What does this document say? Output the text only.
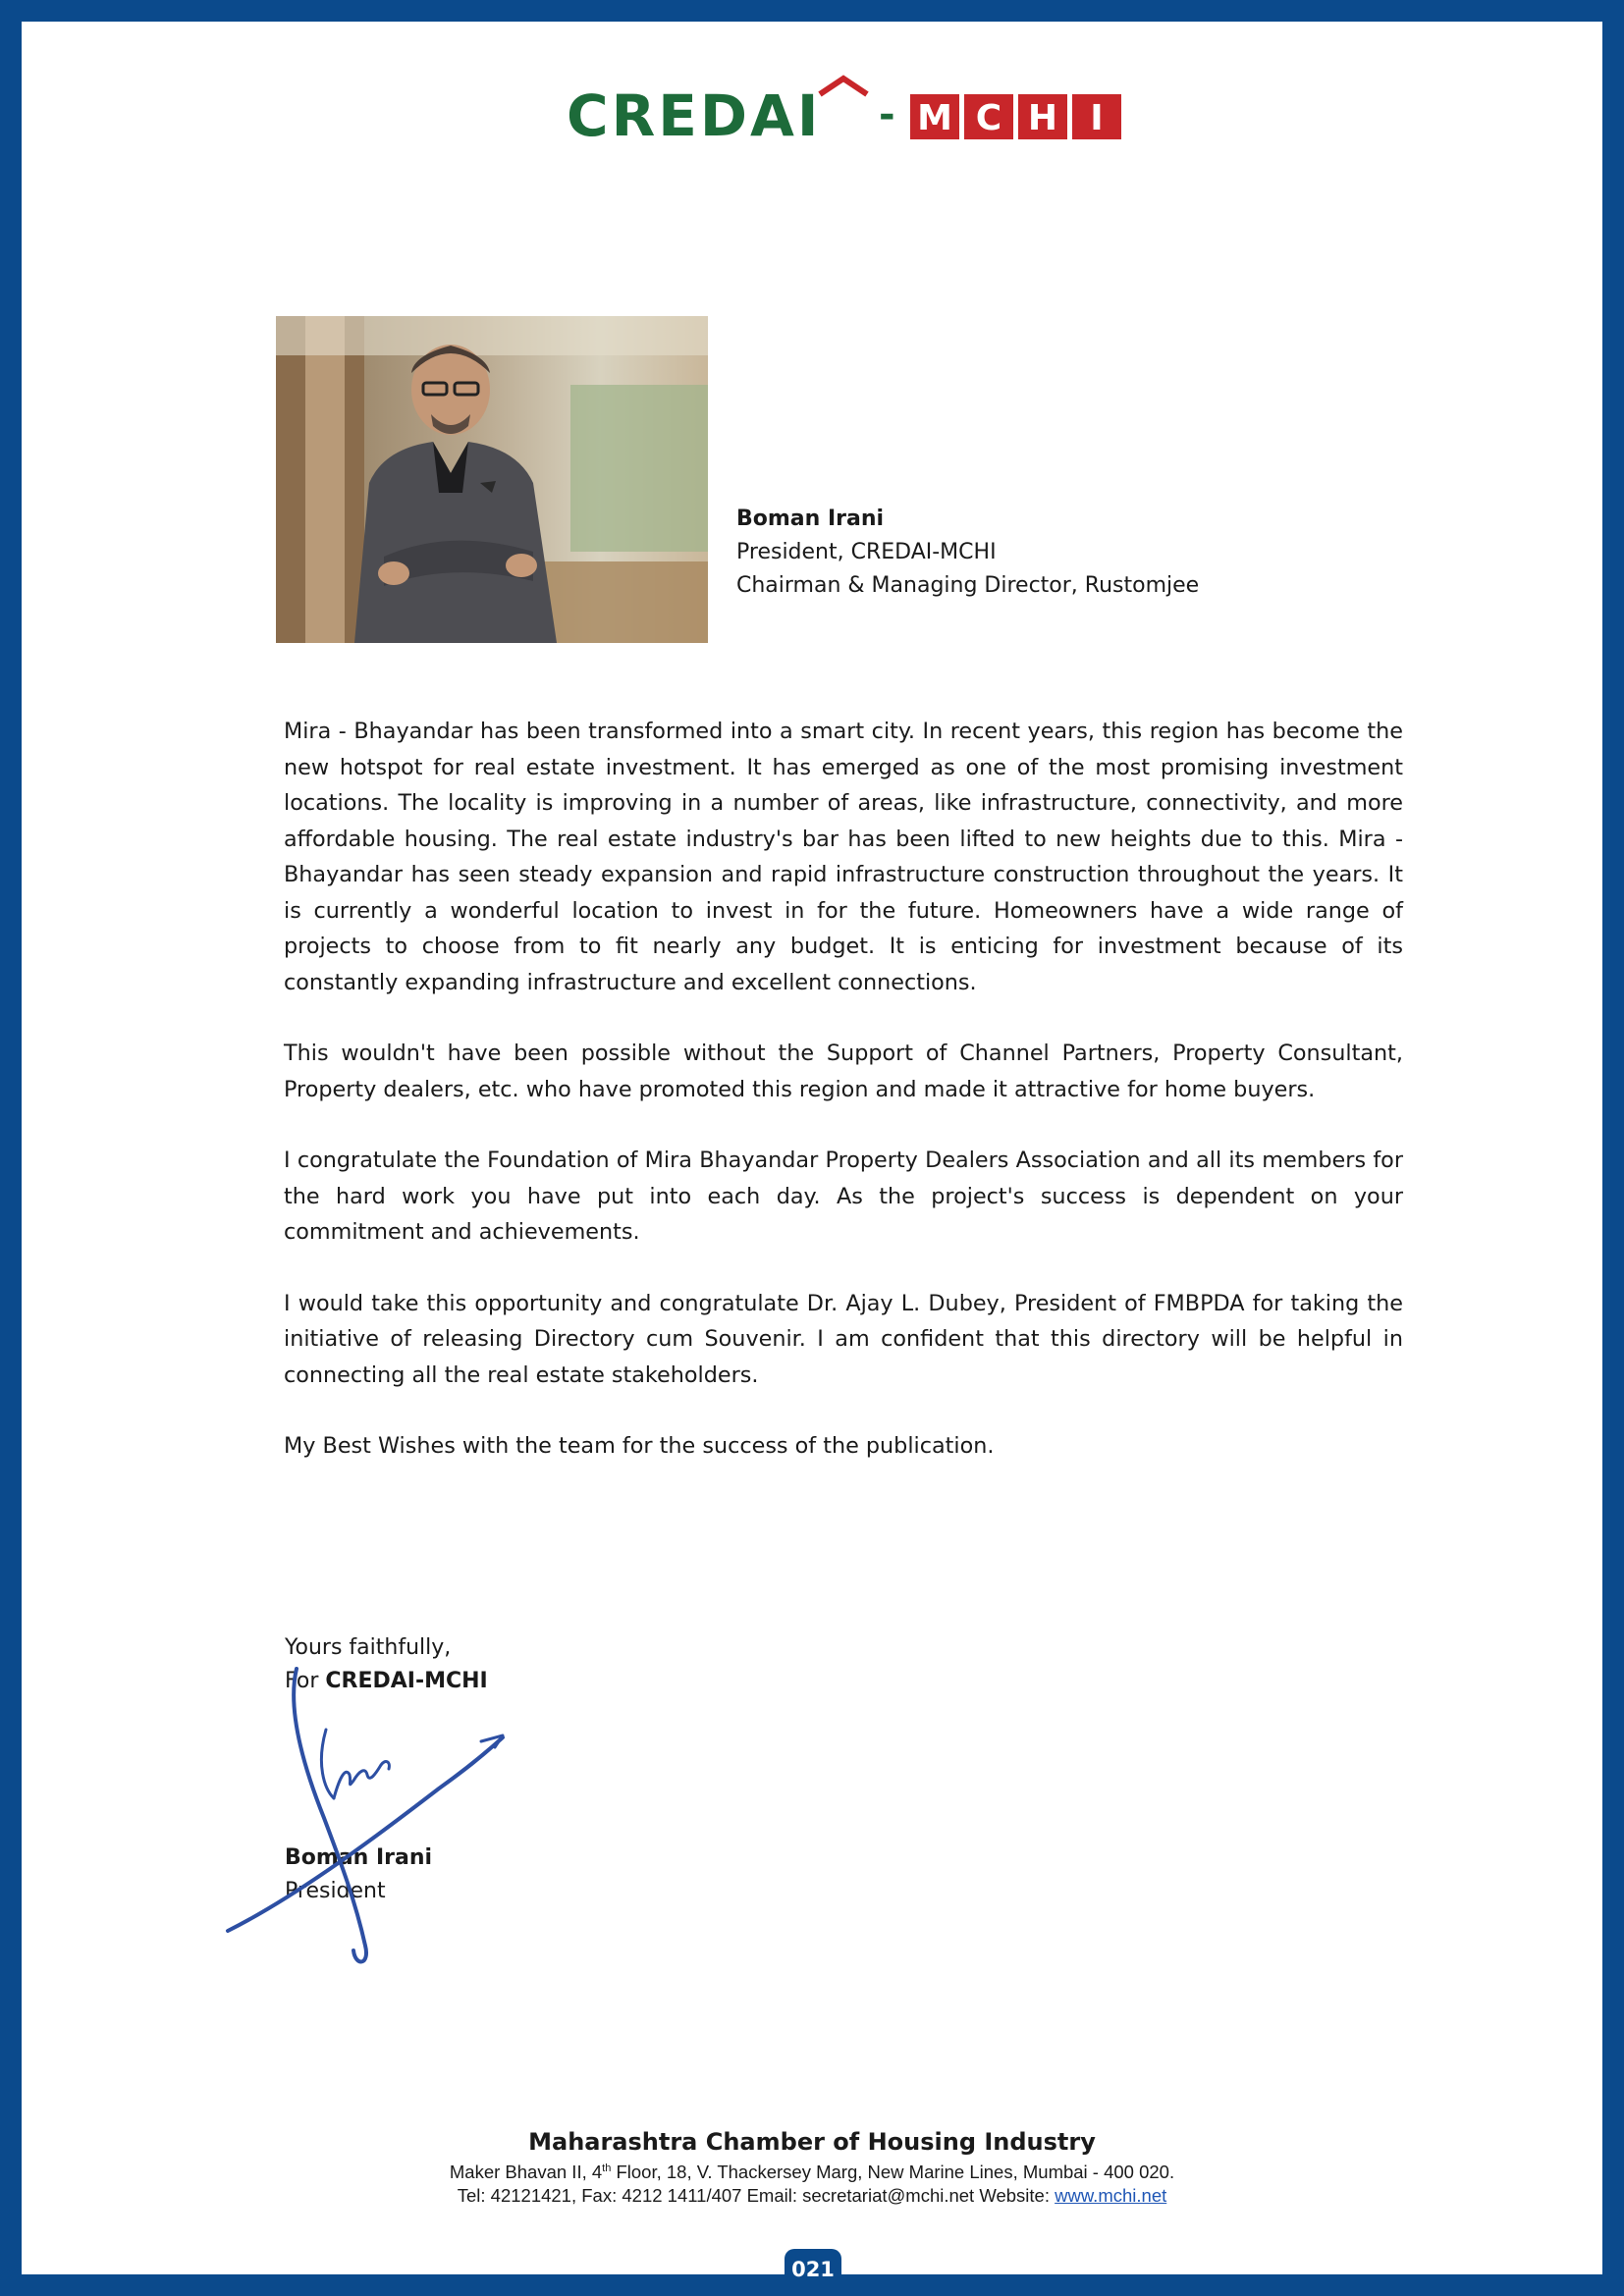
CREDAI - M C H I
Boman Irani
President, CREDAI-MCHI
Chairman & Managing Director, Rustomjee

Mira - Bhayandar has been transformed into a smart city. In recent years, this region has become the new hotspot for real estate investment. It has emerged as one of the most promising investment locations. The locality is improving in a number of areas, like infrastructure, connectivity, and more affordable housing. The real estate industry's bar has been lifted to new heights due to this. Mira - Bhayandar has seen steady expansion and rapid infrastructure construction throughout the years. It is currently a wonderful location to invest in for the future. Homeowners have a wide range of projects to choose from to fit nearly any budget. It is enticing for investment because of its constantly expanding infrastructure and excellent connections.

This wouldn't have been possible without the Support of Channel Partners, Property Consultant, Property dealers, etc. who have promoted this region and made it attractive for home buyers.

I congratulate the Foundation of Mira Bhayandar Property Dealers Association and all its members for the hard work you have put into each day. As the project's success is dependent on your commitment and achievements.

I would take this opportunity and congratulate Dr. Ajay L. Dubey, President of FMBPDA for taking the initiative of releasing Directory cum Souvenir. I am confident that this directory will be helpful in connecting all the real estate stakeholders.

My Best Wishes with the team for the success of the publication.

Yours faithfully,
For CREDAI-MCHI
Boman Irani
President
Maharashtra Chamber of Housing Industry
Maker Bhavan II, 4th Floor, 18, V. Thackersey Marg, New Marine Lines, Mumbai - 400 020.
Tel: 42121421, Fax: 4212 1411/407 Email: secretariat@mchi.net Website: www.mchi.net
021
